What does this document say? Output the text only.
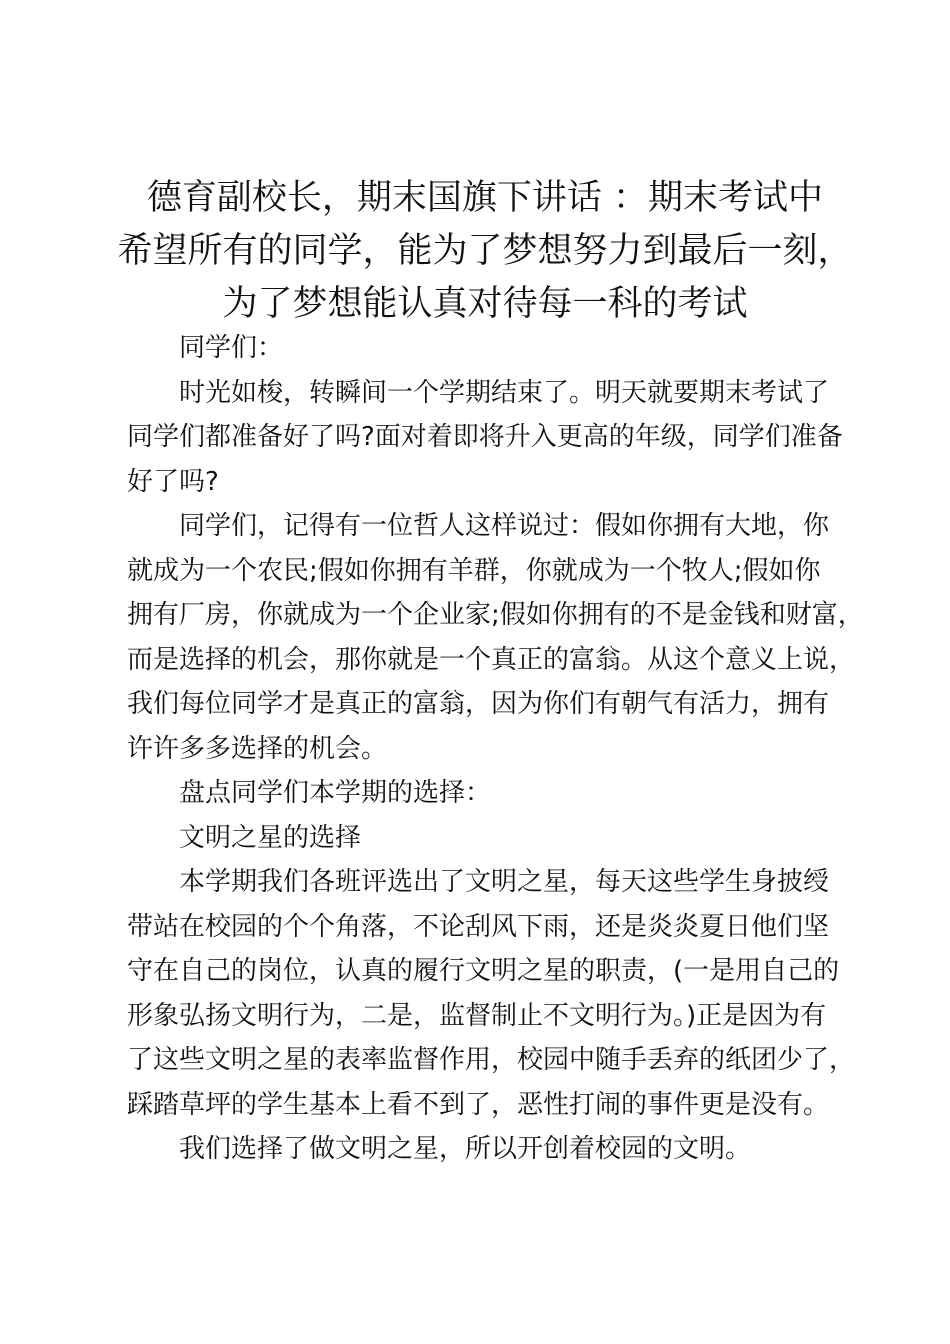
德育副校长，期末国旗下讲话 ：期末考试中
希望所有的同学，能为了梦想努力到最后一刻，
为了梦想能认真对待每一科的考试

同学们：

时光如梭，转瞬间一个学期结束了。明天就要期末考试了
同学们都准备好了吗?面对着即将升入更高的年级，同学们准备
好了吗?

同学们，记得有一位哲人这样说过：假如你拥有大地，你
就成为一个农民;假如你拥有羊群，你就成为一个牧人;假如你
拥有厂房，你就成为一个企业家;假如你拥有的不是金钱和财富，
而是选择的机会，那你就是一个真正的富翁。从这个意义上说，
我们每位同学才是真正的富翁，因为你们有朝气有活力，拥有
许许多多选择的机会。

盘点同学们本学期的选择：

文明之星的选择

本学期我们各班评选出了文明之星，每天这些学生身披绶
带站在校园的个个角落，不论刮风下雨，还是炎炎夏日他们坚
守在自己的岗位，认真的履行文明之星的职责，(一是用自己的
形象弘扬文明行为，二是，监督制止不文明行为。)正是因为有
了这些文明之星的表率监督作用，校园中随手丢弃的纸团少了，
踩踏草坪的学生基本上看不到了，恶性打闹的事件更是没有。

我们选择了做文明之星，所以开创着校园的文明。
